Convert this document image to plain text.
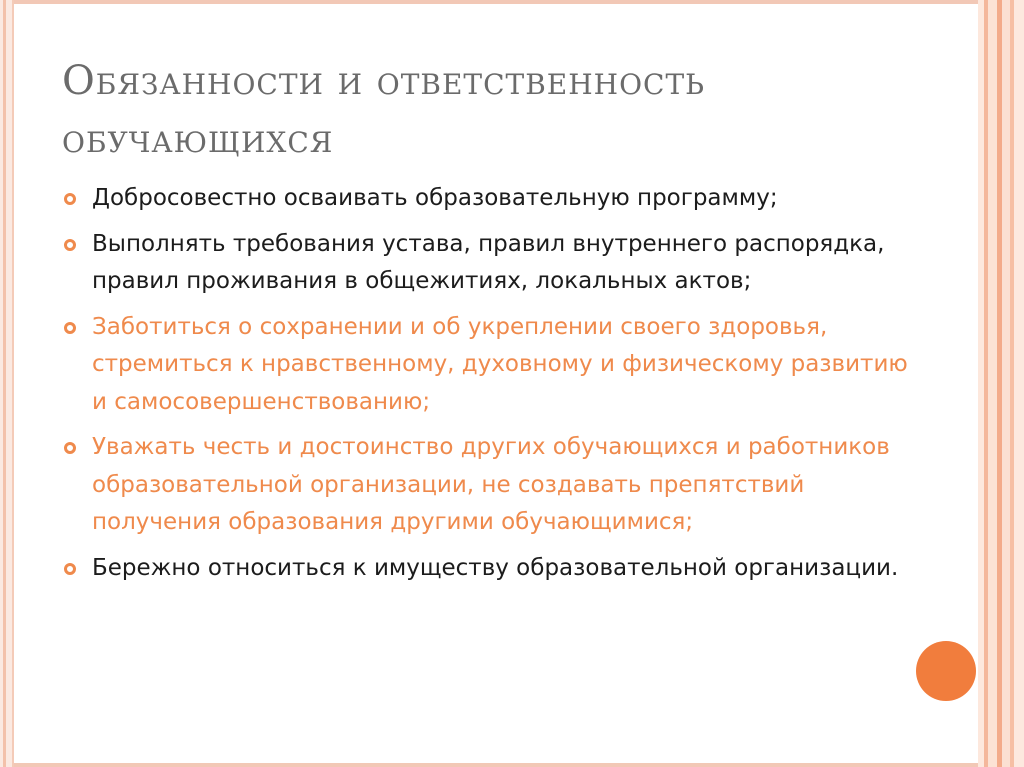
Обязанности и ответственность
обучающихся
Добросовестно осваивать образовательную программу;
Выполнять требования устава, правил внутреннего распорядка, правил проживания в общежитиях, локальных актов;
Заботиться о сохранении и об укреплении своего здоровья, стремиться к нравственному, духовному и физическому развитию и самосовершенствованию;
Уважать честь и достоинство других обучающихся и работников образовательной организации, не создавать препятствий получения образования другими обучающимися;
Бережно относиться к имуществу образовательной организации.
